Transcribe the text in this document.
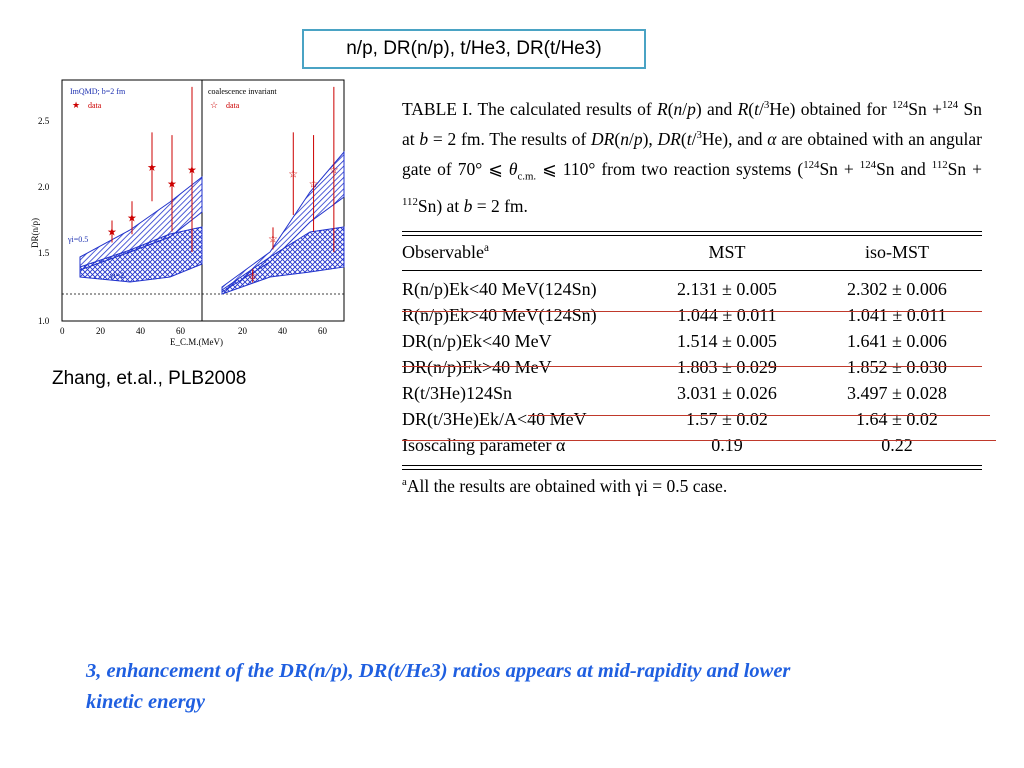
n/p, DR(n/p), t/He3, DR(t/He3)
2.5
2.0
1.5
1.0
DR(n/p)
0	20	40	60	20	40	60
E_C.M.(MeV)
ImQMD; b=2 fm
★ data
coalescence invariant
☆ data
γi=0.5
γi=2
★
★
★
★
★
☆
☆
☆
☆
☆
Zhang, et.al., PLB2008
TABLE I. The calculated results of R(n/p) and R(t/$^3$He) obtained for $^{124}$Sn +$^{124}$ Sn at b = 2 fm. The results of DR(n/p), DR(t/$^3$He), and α are obtained with an angular gate of 70° ⩽ $\theta_{c.m.}$ ⩽ 110° from two reaction systems ($^{124}$Sn + $^{124}$Sn and $^{112}$Sn + $^{112}$Sn) at b = 2 fm.
Observable$^a$	MST	iso-MST
R(n/p)Ek<40 MeV(124Sn)	2.131 ± 0.005	2.302 ± 0.006
R(n/p)Ek>40 MeV(124Sn)	1.044 ± 0.011	1.041 ± 0.011
DR(n/p)Ek<40 MeV	1.514 ± 0.005	1.641 ± 0.006
DR(n/p)Ek>40 MeV	1.803 ± 0.029	1.852 ± 0.030
R(t/3He)124Sn	3.031 ± 0.026	3.497 ± 0.028
DR(t/3He)Ek/A<40 MeV	1.57 ± 0.02	1.64 ± 0.02
Isoscaling parameter α	0.19	0.22
$^a$All the results are obtained with γi = 0.5 case.
3, enhancement of the DR(n/p), DR(t/He3) ratios appears at mid-rapidity and lower kinetic energy
